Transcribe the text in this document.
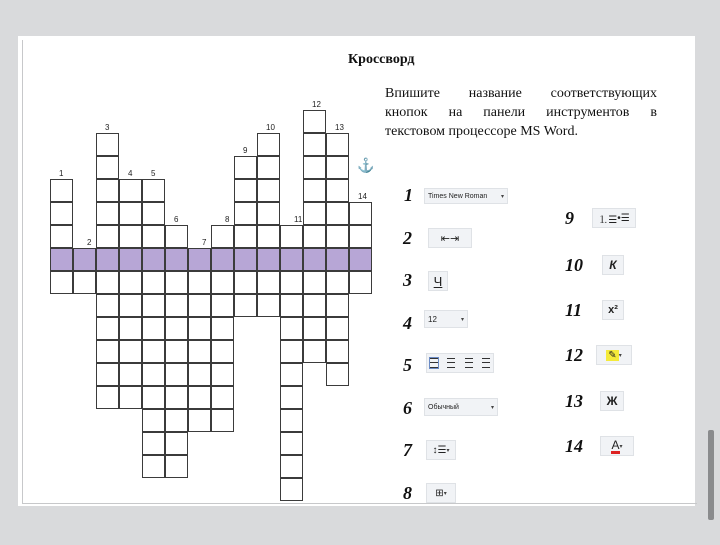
Кроссворд
Впишите название соответствующих
кнопок на панели инструментов в
текстовом процессоре MS Word.
1
2
3
4 5
6
7
8
9
10
11
12
13
14
⚓
1
2
3
4
5
6
7
8
9
10
11
12
13
14
Times New Roman ▾
⇤ ⇥
Ч
12	▾
Обычный	▾
↕☰ ▾
⊞ ▾
⒈☰ •☰
К
x²
✎ ▾
Ж
А ▾
